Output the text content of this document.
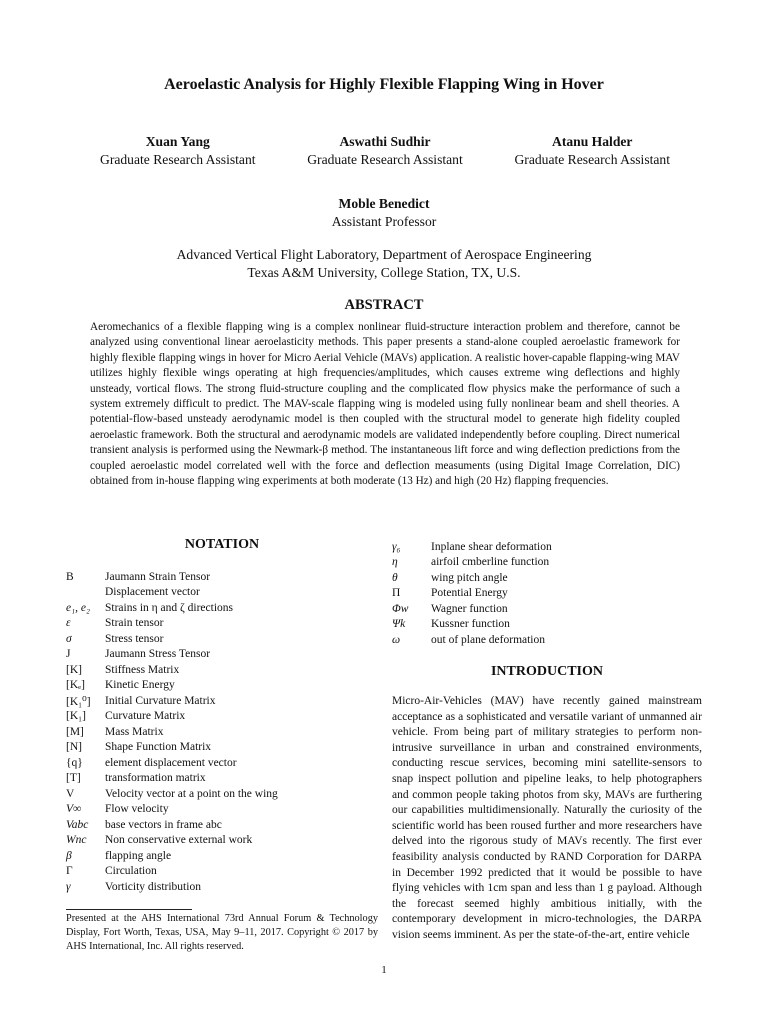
Aeroelastic Analysis for Highly Flexible Flapping Wing in Hover
Xuan Yang
Graduate Research Assistant
Aswathi Sudhir
Graduate Research Assistant
Atanu Halder
Graduate Research Assistant
Moble Benedict
Assistant Professor
Advanced Vertical Flight Laboratory, Department of Aerospace Engineering
Texas A&M University, College Station, TX, U.S.
ABSTRACT
Aeromechanics of a flexible flapping wing is a complex nonlinear fluid-structure interaction problem and therefore, cannot be analyzed using conventional linear aeroelasticity methods. This paper presents a stand-alone coupled aeroelastic framework for highly flexible flapping wings in hover for Micro Aerial Vehicle (MAVs) application. A realistic hover-capable flapping-wing MAV utilizes highly flexible wings operating at high frequencies/amplitudes, which causes extreme wing deflections and highly unsteady, vortical flows. The strong fluid-structure coupling and the complicated flow physics make the performance of such a system extremely difficult to predict. The MAV-scale flapping wing is modeled using fully nonlinear beam and shell theories. A potential-flow-based unsteady aerodynamic model is then coupled with the structural model to generate high fidelity coupled aeroelastic framework. Both the structural and aerodynamic models are validated independently before coupling. Direct numerical transient analysis is performed using the Newmark-β method. The instantaneous lift force and wing deflection predictions from the coupled aeroelastic model correlated well with the force and deflection measuments (using Digital Image Correlation, DIC) obtained from in-house flapping wing experiments at both moderate (13 Hz) and high (20 Hz) flapping frequencies.
NOTATION
B	Jaumann Strain Tensor
Displacement vector
e₁, e₂	Strains in η and ζ directions
ε	Strain tensor
σ	Stress tensor
J	Jaumann Stress Tensor
[K]	Stiffness Matrix
[Kₑ]	Kinetic Energy
[K₁⁰]	Initial Curvature Matrix
[K₁]	Curvature Matrix
[M]	Mass Matrix
[N]	Shape Function Matrix
{q}	element displacement vector
[T]	transformation matrix
V	Velocity vector at a point on the wing
V∞	Flow velocity
Vabc	base vectors in frame abc
Wnc	Non conservative external work
β	flapping angle
Γ	Circulation
γ	Vorticity distribution
γ₆	Inplane shear deformation
η	airfoil cmberline function
θ	wing pitch angle
Π	Potential Energy
Φw	Wagner function
Ψk	Kussner function
ω	out of plane deformation
INTRODUCTION
Micro-Air-Vehicles (MAV) have recently gained mainstream acceptance as a sophisticated and versatile variant of unmanned air vehicle. From being part of military strategies to perform non-intrusive surveillance in urban and constrained environments, conducting rescue services, becoming mini satellite-sensors to snap inspect pollution and pipeline leaks, to help photographers and common people taking photos from sky, MAVs are furthering our capabilities multidimensionally. Naturally the curiosity of the scientific world has been roused further and more researchers have delved into the rigorous study of MAVs recently. The first ever feasibility analysis conducted by RAND Corporation for DARPA in December 1992 predicted that it would be possible to have flying vehicles with 1cm span and less than 1 g payload. Although the forecast seemed highly ambitious initially, with the contemporary development in micro-technologies, the DARPA vision seems imminent. As per the state-of-the-art, entire vehicle
Presented at the AHS International 73rd Annual Forum & Technology Display, Fort Worth, Texas, USA, May 9–11, 2017. Copyright © 2017 by AHS International, Inc. All rights reserved.
1
